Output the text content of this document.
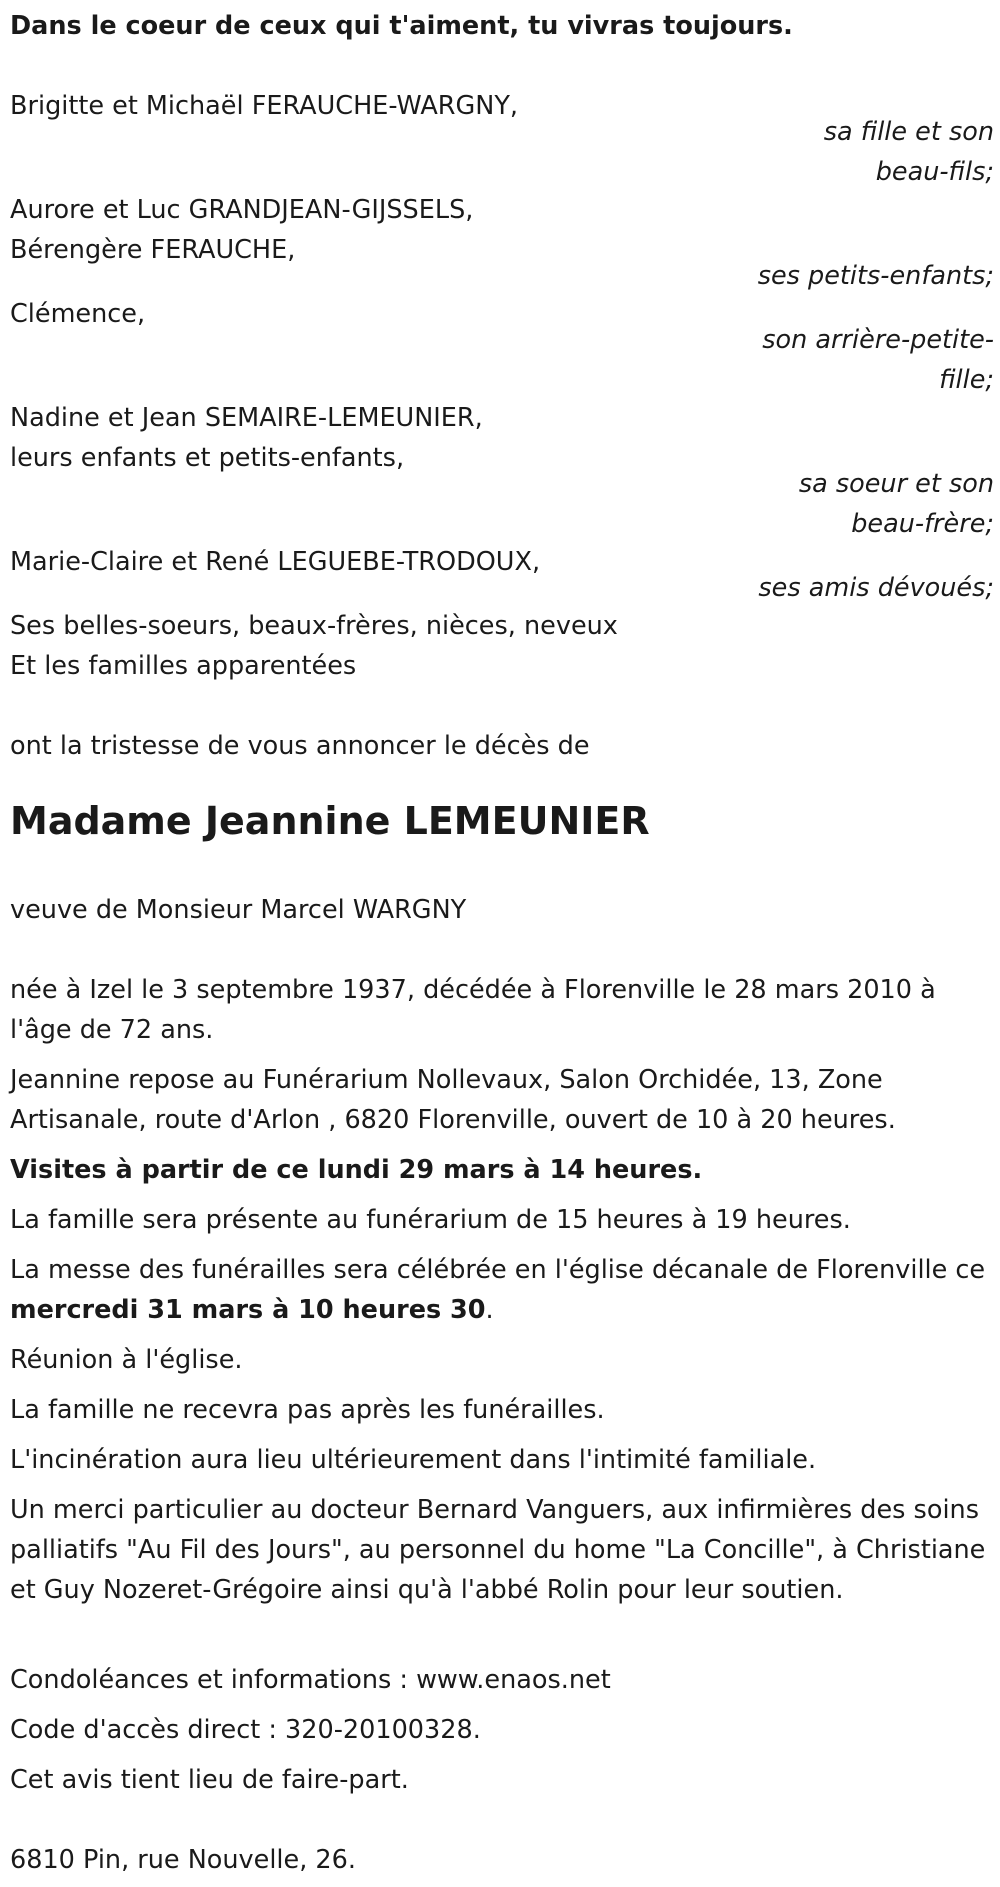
Dans le coeur de ceux qui t'aiment, tu vivras toujours.

Brigitte et Michaël FERAUCHE-WARGNY,

sa fille et son

beau-fils;

Aurore et Luc GRANDJEAN-GIJSSELS,

Bérengère FERAUCHE,

ses petits-enfants;

Clémence,

son arrière-petite-

fille;

Nadine et Jean SEMAIRE-LEMEUNIER,

leurs enfants et petits-enfants,

sa soeur et son

beau-frère;

Marie-Claire et René LEGUEBE-TRODOUX,

ses amis dévoués;

Ses belles-soeurs, beaux-frères, nièces, neveux

Et les familles apparentées

ont la tristesse de vous annoncer le décès de

Madame Jeannine LEMEUNIER

veuve de Monsieur Marcel WARGNY

née à Izel le 3 septembre 1937, décédée à Florenville le 28 mars 2010 à l'âge de 72 ans.

Jeannine repose au Funérarium Nollevaux, Salon Orchidée, 13, Zone Artisanale, route d'Arlon , 6820 Florenville, ouvert de 10 à 20 heures.

Visites à partir de ce lundi 29 mars à 14 heures.

La famille sera présente au funérarium de 15 heures à 19 heures.

La messe des funérailles sera célébrée en l'église décanale de Florenville ce mercredi 31 mars à 10 heures 30.

Réunion à l'église.

La famille ne recevra pas après les funérailles.

L'incinération aura lieu ultérieurement dans l'intimité familiale.

Un merci particulier au docteur Bernard Vanguers, aux infirmières des soins palliatifs "Au Fil des Jours", au personnel du home "La Concille", à Christiane et Guy Nozeret-Grégoire ainsi qu'à l'abbé Rolin pour leur soutien.

Condoléances et informations : www.enaos.net

Code d'accès direct : 320-20100328.

Cet avis tient lieu de faire-part.

6810 Pin, rue Nouvelle, 26.
